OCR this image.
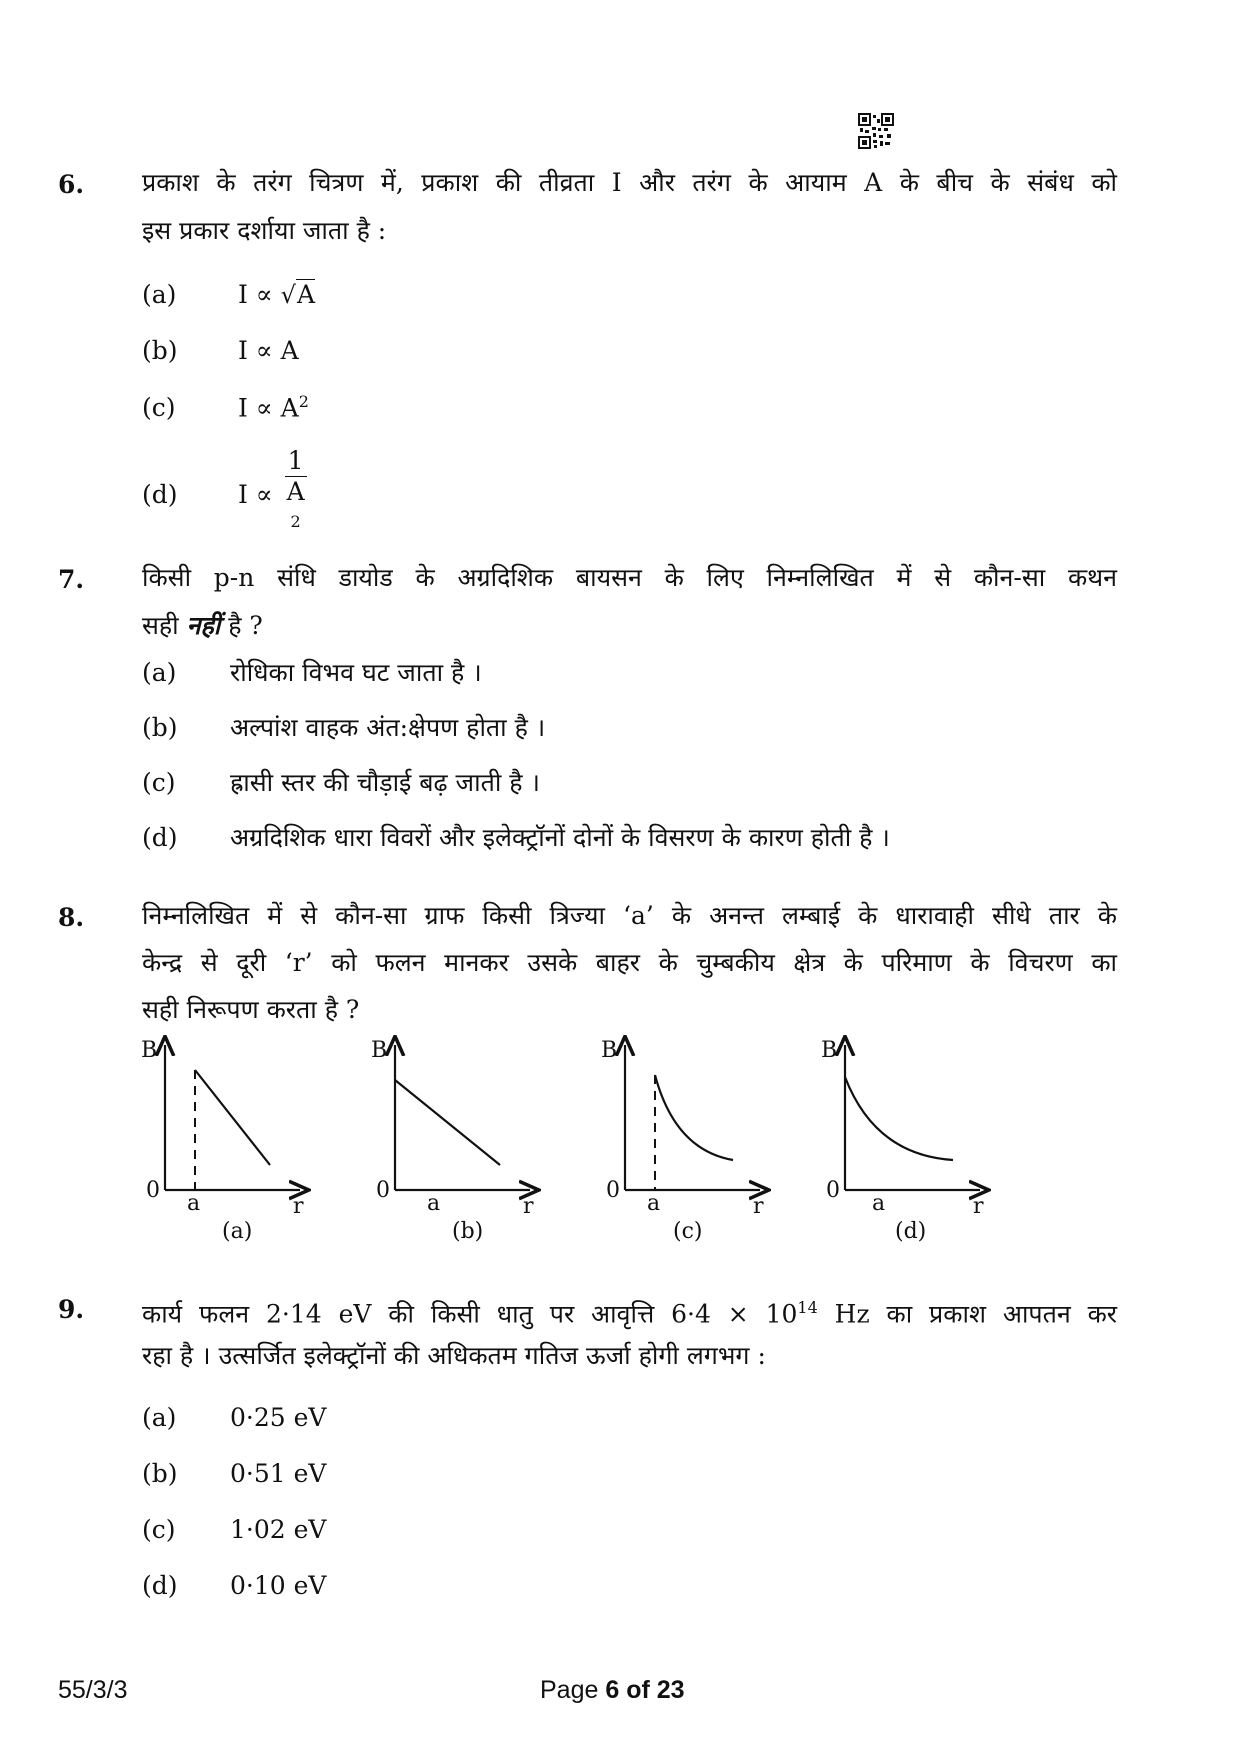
6. प्रकाश के तरंग चित्रण में, प्रकाश की तीव्रता I और तरंग के आयाम A के बीच के संबंध को
इस प्रकार दर्शाया जाता है :
(a) I ∝ √A
(b) I ∝ A
(c) $I \propto A^2$
(d) I ∝ 1
A
$^2$
7. किसी p-n संधि डायोड के अग्रदिशिक बायसन के लिए निम्नलिखित में से कौन-सा कथन
सही नहीं है ?
(a) रोधिका विभव घट जाता है ।
(b) अल्पांश वाहक अंत:क्षेपण होता है ।
(c) ह्रासी स्तर की चौड़ाई बढ़ जाती है ।
(d) अग्रदिशिक धारा विवरों और इलेक्ट्रॉनों दोनों के विसरण के कारण होती है ।
8. निम्नलिखित में से कौन-सा ग्राफ किसी त्रिज्या ‘a’ के अनन्त लम्बाई के धारावाही सीधे तार के
केन्द्र से दूरी ‘r’ को फलन मानकर उसके बाहर के चुम्बकीय क्षेत्र के परिमाण के विचरण का
सही निरूपण करता है ?
B
0
a	r
(a)
B
0
a	r
(b)
B
0
a	r
(c)
B
0
a	r
(d)
9. कार्य फलन 2·14 eV की किसी धातु पर आवृत्ति $6\cdot 4 \times 10^{14}$ Hz का प्रकाश आपतन कर
रहा है । उत्सर्जित इलेक्ट्रॉनों की अधिकतम गतिज ऊर्जा होगी लगभग :
(a) 0·25 eV
(b) 0·51 eV
(c) 1·02 eV
(d) 0·10 eV
55/3/3	Page 6 of 23
